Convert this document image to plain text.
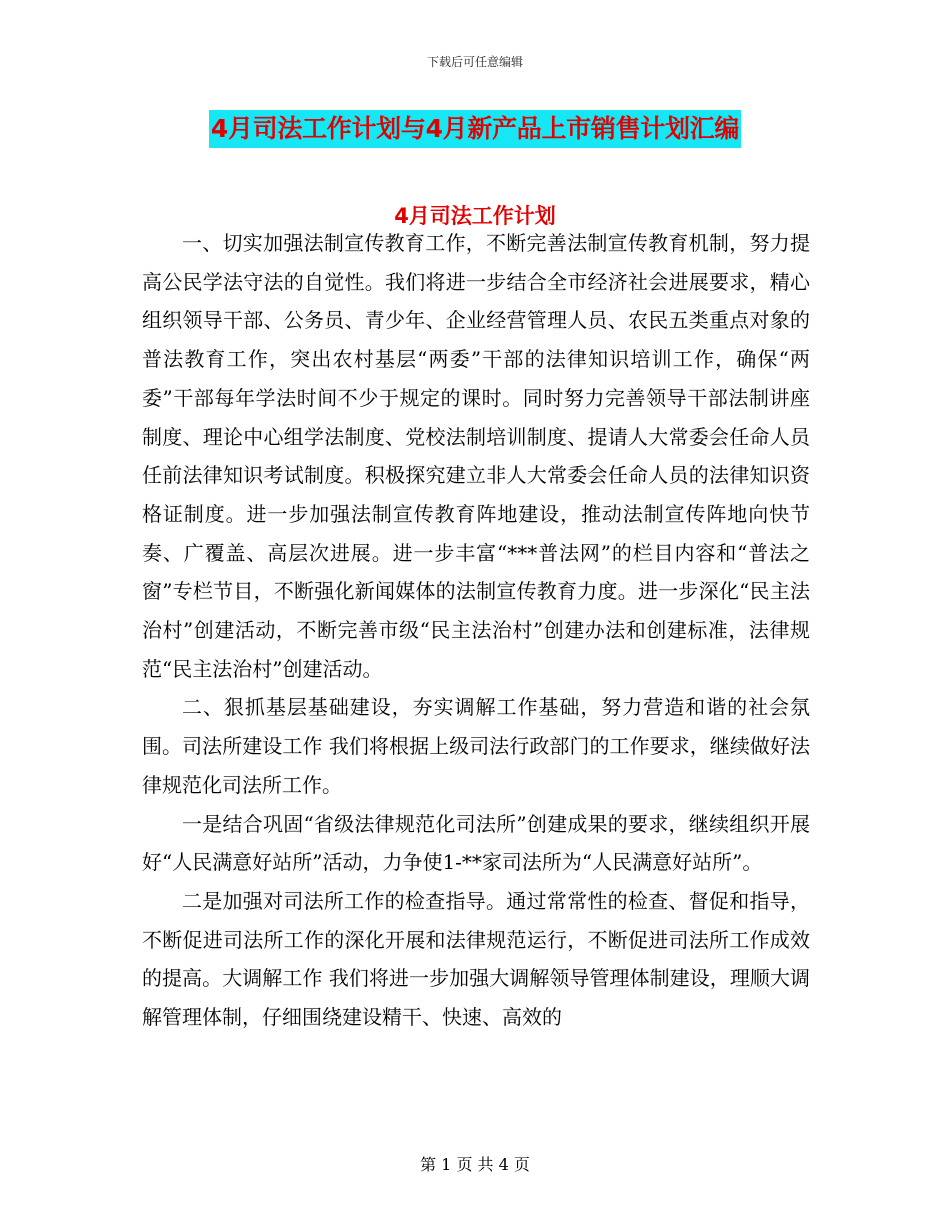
下载后可任意编辑
4月司法工作计划与4月新产品上市销售计划汇编
4月司法工作计划

一、切实加强法制宣传教育工作，不断完善法制宣传教育机制，努力提高公民学法守法的自觉性。我们将进一步结合全市经济社会进展要求，精心组织领导干部、公务员、青少年、企业经营管理人员、农民五类重点对象的普法教育工作，突出农村基层“两委”干部的法律知识培训工作，确保“两委”干部每年学法时间不少于规定的课时。同时努力完善领导干部法制讲座制度、理论中心组学法制度、党校法制培训制度、提请人大常委会任命人员任前法律知识考试制度。积极探究建立非人大常委会任命人员的法律知识资格证制度。进一步加强法制宣传教育阵地建设，推动法制宣传阵地向快节奏、广覆盖、高层次进展。进一步丰富“***普法网”的栏目内容和“普法之窗”专栏节目，不断强化新闻媒体的法制宣传教育力度。进一步深化“民主法治村”创建活动，不断完善市级“民主法治村”创建办法和创建标准，法律规范“民主法治村”创建活动。

二、狠抓基层基础建设，夯实调解工作基础，努力营造和谐的社会氛围。司法所建设工作 我们将根据上级司法行政部门的工作要求，继续做好法律规范化司法所工作。

一是结合巩固“省级法律规范化司法所”创建成果的要求，继续组织开展好“人民满意好站所”活动，力争使1-**家司法所为“人民满意好站所”。

二是加强对司法所工作的检查指导。通过常常性的检查、督促和指导，不断促进司法所工作的深化开展和法律规范运行，不断促进司法所工作成效的提高。大调解工作 我们将进一步加强大调解领导管理体制建设，理顺大调解管理体制，仔细围绕建设精干、快速、高效的

第 1 页 共 4 页
